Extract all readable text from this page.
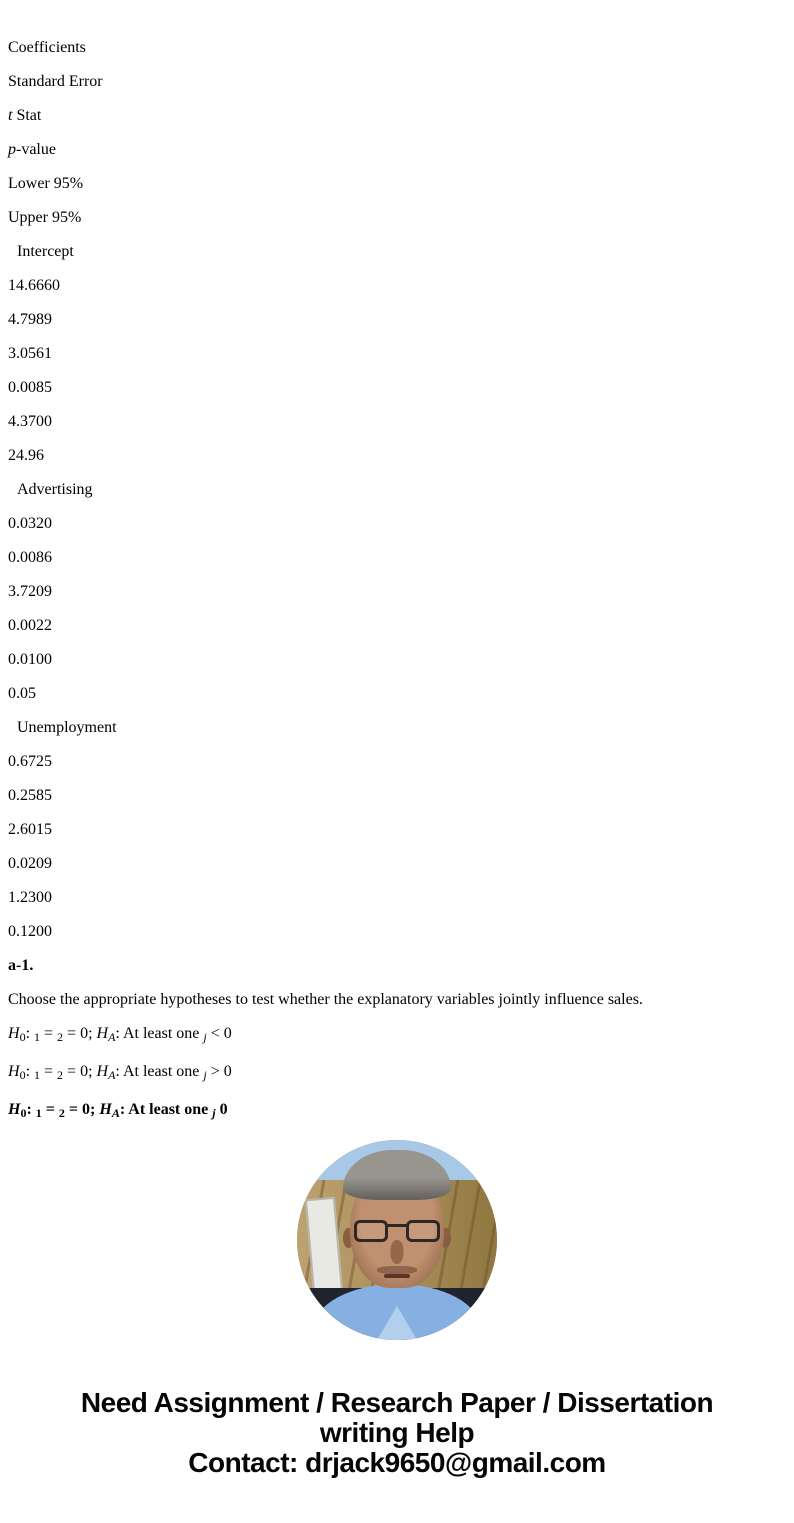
Coefficients

Standard Error

t Stat

p-value

Lower 95%

Upper 95%

Intercept

14.6660

4.7989

3.0561

0.0085

4.3700

24.96

Advertising

0.0320

0.0086

3.7209

0.0022

0.0100

0.05

Unemployment

0.6725

0.2585

2.6015

0.0209

1.2300

0.1200

a-1.

Choose the appropriate hypotheses to test whether the explanatory variables jointly influence sales.

$H_0$: $_1$ = $_2$ = 0; $H_A$: At least one $_j$ < 0

$H_0$: $_1$ = $_2$ = 0; $H_A$: At least one $_j$ > 0

$H_0$: $_1$ = $_2$ = 0; $H_A$: At least one $_j$ 0

Need Assignment / Research Paper / Dissertation
writing Help
Contact: drjack9650@gmail.com
